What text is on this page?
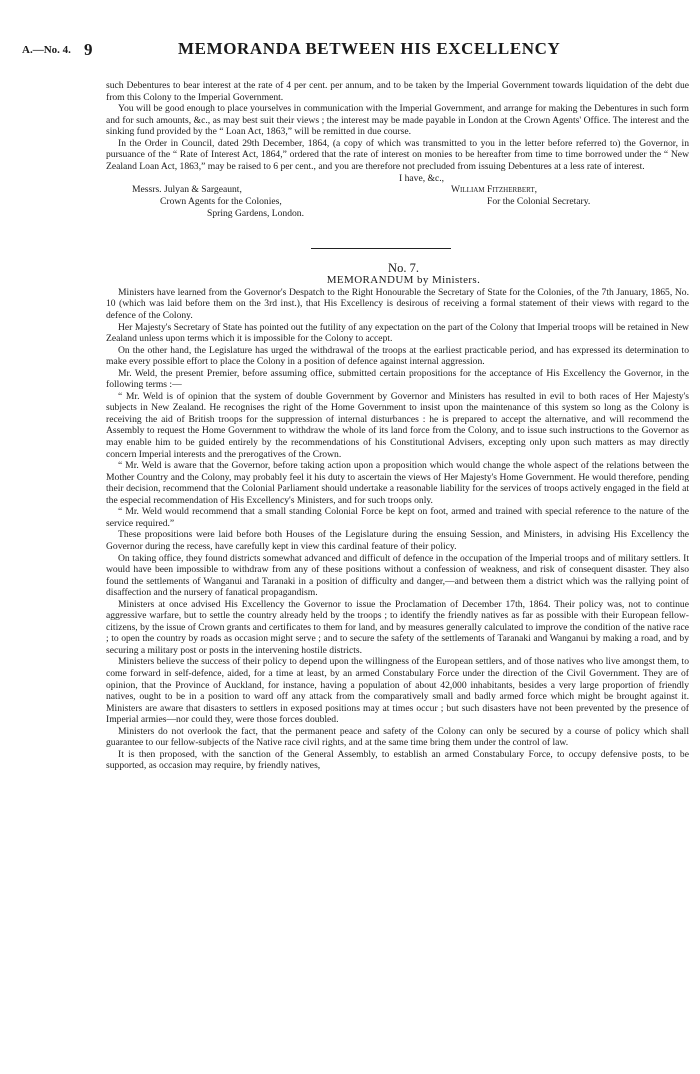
A.—No. 4. 9	MEMORANDA BETWEEN HIS EXCELLENCY

such Debentures to bear interest at the rate of 4 per cent. per annum, and to be taken by the Imperial Government towards liquidation of the debt due from this Colony to the Imperial Government.

You will be good enough to place yourselves in communication with the Imperial Government, and arrange for making the Debentures in such form and for such amounts, &c., as may best suit their views ; the interest may be made payable in London at the Crown Agents' Office. The interest and the sinking fund provided by the “ Loan Act, 1863,” will be remitted in due course.

In the Order in Council, dated 29th December, 1864, (a copy of which was transmitted to you in the letter before referred to) the Governor, in pursuance of the “ Rate of Interest Act, 1864,” ordered that the rate of interest on monies to be hereafter from time to time borrowed under the “ New Zealand Loan Act, 1863,” may be raised to 6 per cent., and you are therefore not precluded from issuing Debentures at a less rate of interest.

I have, &c.,
William Fitzherbert,
For the Colonial Secretary.
Messrs. Julyan & Sargeaunt,
Crown Agents for the Colonies,
Spring Gardens, London.

No. 7.

MEMORANDUM by Ministers.

Ministers have learned from the Governor's Despatch to the Right Honourable the Secretary of State for the Colonies, of the 7th January, 1865, No. 10 (which was laid before them on the 3rd inst.), that His Excellency is desirous of receiving a formal statement of their views with regard to the defence of the Colony.

Her Majesty's Secretary of State has pointed out the futility of any expectation on the part of the Colony that Imperial troops will be retained in New Zealand unless upon terms which it is impossible for the Colony to accept.

On the other hand, the Legislature has urged the withdrawal of the troops at the earliest practicable period, and has expressed its determination to make every possible effort to place the Colony in a position of defence against internal aggression.

Mr. Weld, the present Premier, before assuming office, submitted certain propositions for the acceptance of His Excellency the Governor, in the following terms :—

“ Mr. Weld is of opinion that the system of double Government by Governor and Ministers has resulted in evil to both races of Her Majesty's subjects in New Zealand. He recognises the right of the Home Government to insist upon the maintenance of this system so long as the Colony is receiving the aid of British troops for the suppression of internal disturbances : he is prepared to accept the alternative, and will recommend the Assembly to request the Home Government to withdraw the whole of its land force from the Colony, and to issue such instructions to the Governor as may enable him to be guided entirely by the recommendations of his Constitutional Advisers, excepting only upon such matters as may directly concern Imperial interests and the prerogatives of the Crown.

“ Mr. Weld is aware that the Governor, before taking action upon a proposition which would change the whole aspect of the relations between the Mother Country and the Colony, may probably feel it his duty to ascertain the views of Her Majesty's Home Government. He would therefore, pending their decision, recommend that the Colonial Parliament should undertake a reasonable liability for the services of troops actively engaged in the field at the especial recommendation of His Excellency's Ministers, and for such troops only.

“ Mr. Weld would recommend that a small standing Colonial Force be kept on foot, armed and trained with special reference to the nature of the service required.”

These propositions were laid before both Houses of the Legislature during the ensuing Session, and Ministers, in advising His Excellency the Governor during the recess, have carefully kept in view this cardinal feature of their policy.

On taking office, they found districts somewhat advanced and difficult of defence in the occupation of the Imperial troops and of military settlers. It would have been impossible to withdraw from any of these positions without a confession of weakness, and risk of consequent disaster. They also found the settlements of Wanganui and Taranaki in a position of difficulty and danger,—and between them a district which was the rallying point of disaffection and the nursery of fanatical propagandism.

Ministers at once advised His Excellency the Governor to issue the Proclamation of December 17th, 1864. Their policy was, not to continue aggressive warfare, but to settle the country already held by the troops ; to identify the friendly natives as far as possible with their European fellow-citizens, by the issue of Crown grants and certificates to them for land, and by measures generally calculated to improve the condition of the native race ; to open the country by roads as occasion might serve ; and to secure the safety of the settlements of Taranaki and Wanganui by making a road, and by securing a military post or posts in the intervening hostile districts.

Ministers believe the success of their policy to depend upon the willingness of the European settlers, and of those natives who live amongst them, to come forward in self-defence, aided, for a time at least, by an armed Constabulary Force under the direction of the Civil Government. They are of opinion, that the Province of Auckland, for instance, having a population of about 42,000 inhabitants, besides a very large proportion of friendly natives, ought to be in a position to ward off any attack from the comparatively small and badly armed force which might be brought against it. Ministers are aware that disasters to settlers in exposed positions may at times occur ; but such disasters have not been prevented by the presence of Imperial armies—nor could they, were those forces doubled.

Ministers do not overlook the fact, that the permanent peace and safety of the Colony can only be secured by a course of policy which shall guarantee to our fellow-subjects of the Native race civil rights, and at the same time bring them under the control of law.

It is then proposed, with the sanction of the General Assembly, to establish an armed Constabulary Force, to occupy defensive posts, to be supported, as occasion may require, by friendly natives,
